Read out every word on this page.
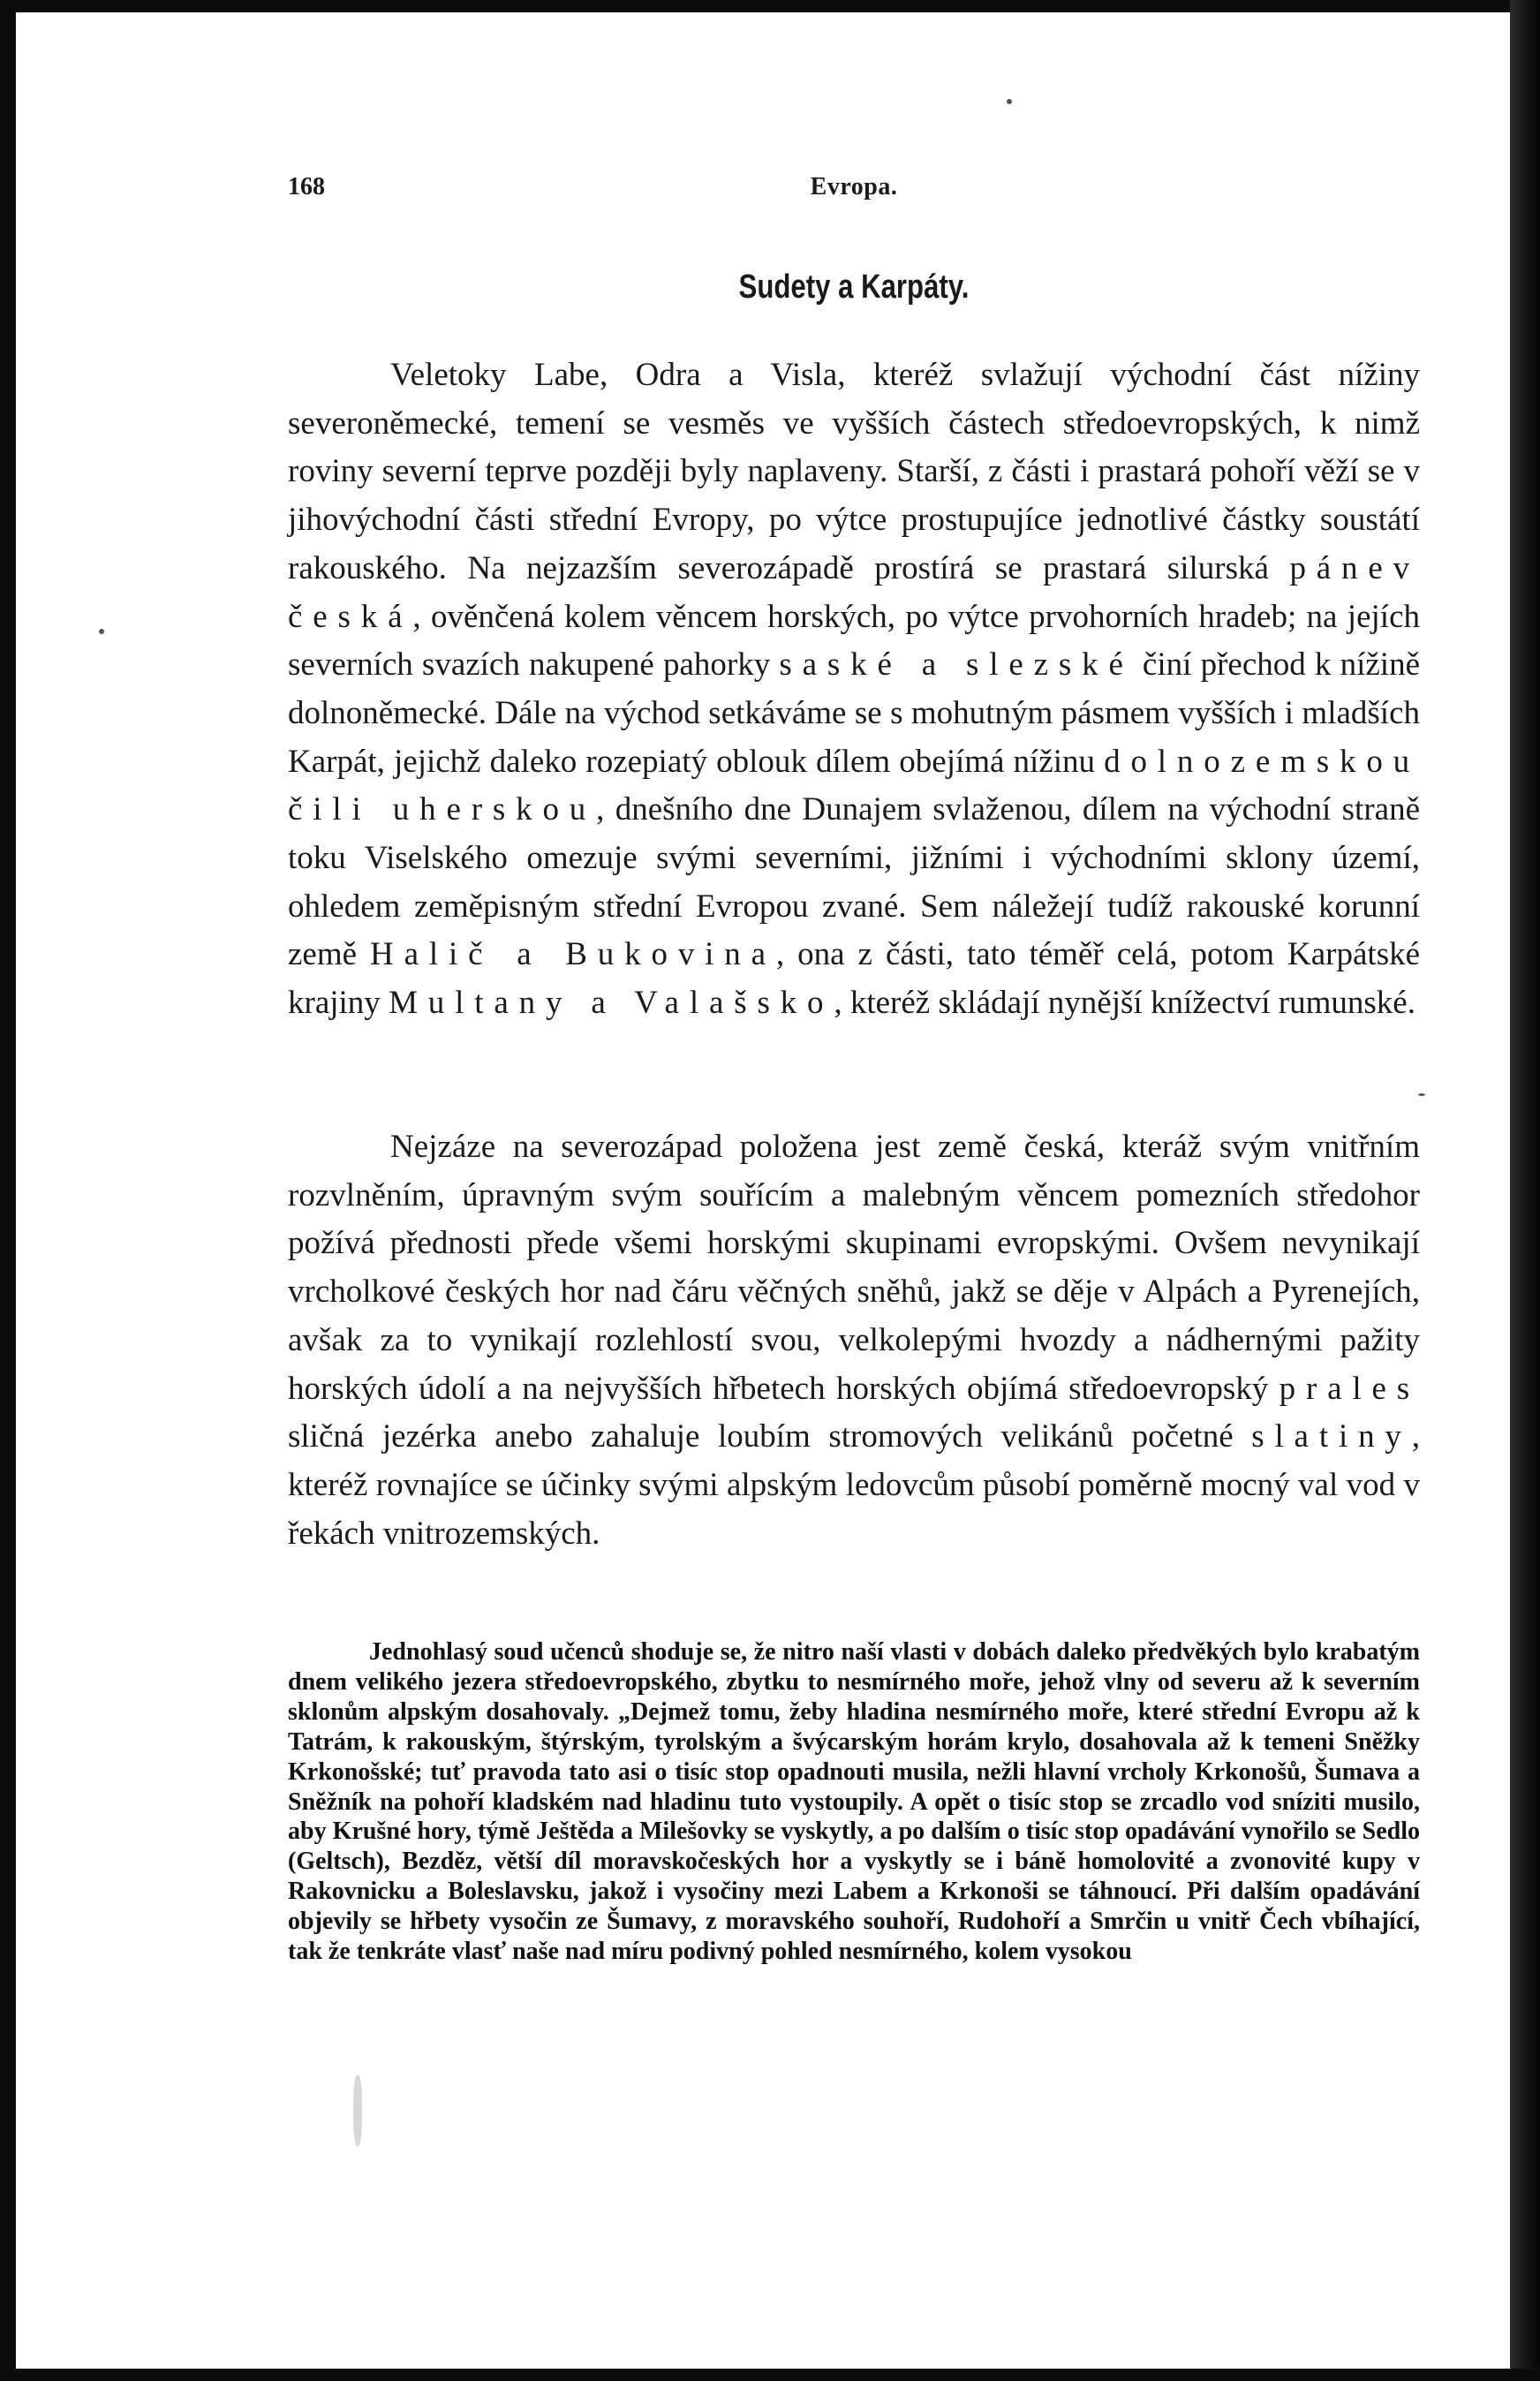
168	Evropa.
Sudety a Karpáty.

Veletoky Labe, Odra a Visla, kteréž svlažují východní část nížiny severoněmecké, temení se vesměs ve vyšších částech středoevropských, k nimž roviny severní teprve později byly naplaveny. Starší, z části i prastará pohoří věží se v jihovýchodní části střední Evropy, po výtce prostupujíce jednotlivé částky soustátí rakouského. Na nejzazším severozápadě prostírá se prastará silurská pánev česká, ověnčená kolem věncem horských, po výtce prvohorních hradeb; na jejích severních svazích nakupené pahorky saské a slezské činí přechod k nížině dolnoněmecké. Dále na východ setkáváme se s mohutným pásmem vyšších i mladších Karpát, jejichž daleko rozepiatý oblouk dílem obejímá nížinu dolnozemskou čili uherskou, dnešního dne Dunajem svlaženou, dílem na východní straně toku Viselského omezuje svými severními, jižními i východními sklony území, ohledem zeměpisným střední Evropou zvané. Sem náležejí tudíž rakouské korunní země Halič a Bukovina, ona z části, tato téměř celá, potom Karpátské krajiny Multany a Valašsko, kteréž skládají nynější knížectví rumunské.

Nejzáze na severozápad položena jest země česká, kteráž svým vnitřním rozvlněním, úpravným svým souřícím a malebným věncem pomezních středohor požívá přednosti přede všemi horskými skupinami evropskými. Ovšem nevynikají vrcholkové českých hor nad čáru věčných sněhů, jakž se děje v Alpách a Pyrenejích, avšak za to vynikají rozlehlostí svou, velkolepými hvozdy a nádhernými pažity horských údolí a na nejvyšších hřbetech horských objímá středoevropský prales sličná jezérka anebo zahaluje loubím stromových velikánů početné slatiny, kteréž rovnajíce se účinky svými alpským ledovcům působí poměrně mocný val vod v řekách vnitrozemských.

Jednohlasý soud učenců shoduje se, že nitro naší vlasti v dobách daleko předvěkých bylo krabatým dnem velikého jezera středoevropského, zbytku to nesmírného moře, jehož vlny od severu až k severním sklonům alpským dosahovaly. „Dejmež tomu, žeby hladina nesmírného moře, které střední Evropu až k Tatrám, k rakouským, štýrským, tyrolským a švýcarským horám krylo, dosahovala až k temeni Sněžky Krkonošské; tuť pravoda tato asi o tisíc stop opadnouti musila, nežli hlavní vrcholy Krkonošů, Šumava a Sněžník na pohoří kladském nad hladinu tuto vystoupily. A opět o tisíc stop se zrcadlo vod sníziti musilo, aby Krušné hory, týmě Ještěda a Milešovky se vyskytly, a po dalším o tisíc stop opadávání vynořilo se Sedlo (Geltsch), Bezděz, větší díl moravskočeských hor a vyskytly se i báně homolovité a zvonovité kupy v Rakovnicku a Boleslavsku, jakož i vysočiny mezi Labem a Krkonoši se táhnoucí. Při dalším opadávání objevily se hřbety vysočin ze Šumavy, z moravského souhoří, Rudohoří a Smrčin u vnitř Čech vbíhající, tak že tenkráte vlasť naše nad míru podivný pohled nesmírného, kolem vysokou
